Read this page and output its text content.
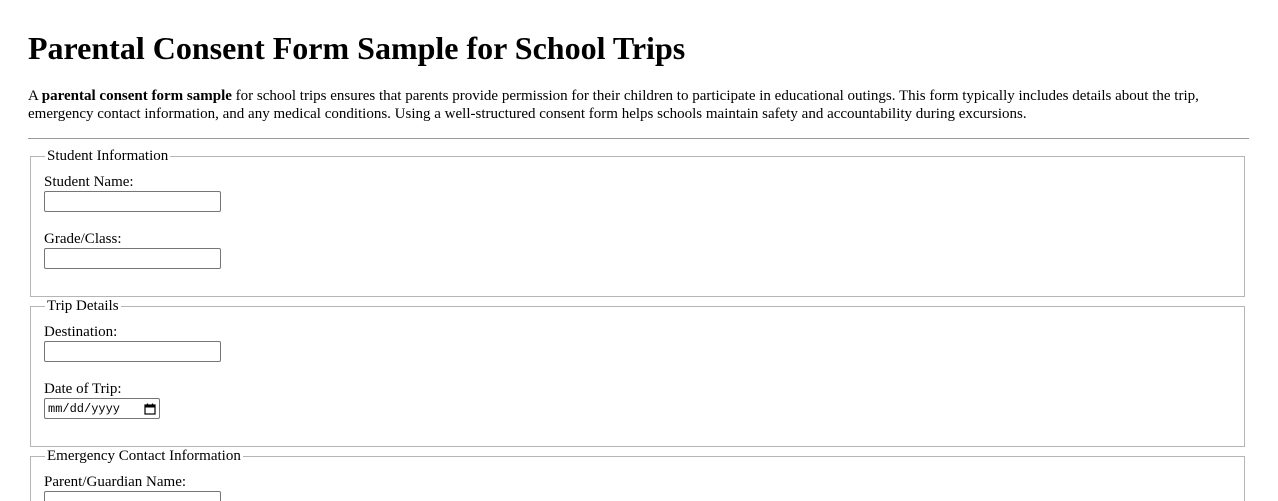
Parental Consent Form Sample for School Trips

A parental consent form sample for school trips ensures that parents provide permission for their children to participate in educational outings. This form typically includes details about the trip, emergency contact information, and any medical conditions. Using a well-structured consent form helps schools maintain safety and accountability during excursions.

Student Information
Student Name:
Grade/Class:
Trip Details
Destination:
Date of Trip:
mm/dd/yyyy
Emergency Contact Information
Parent/Guardian Name:
